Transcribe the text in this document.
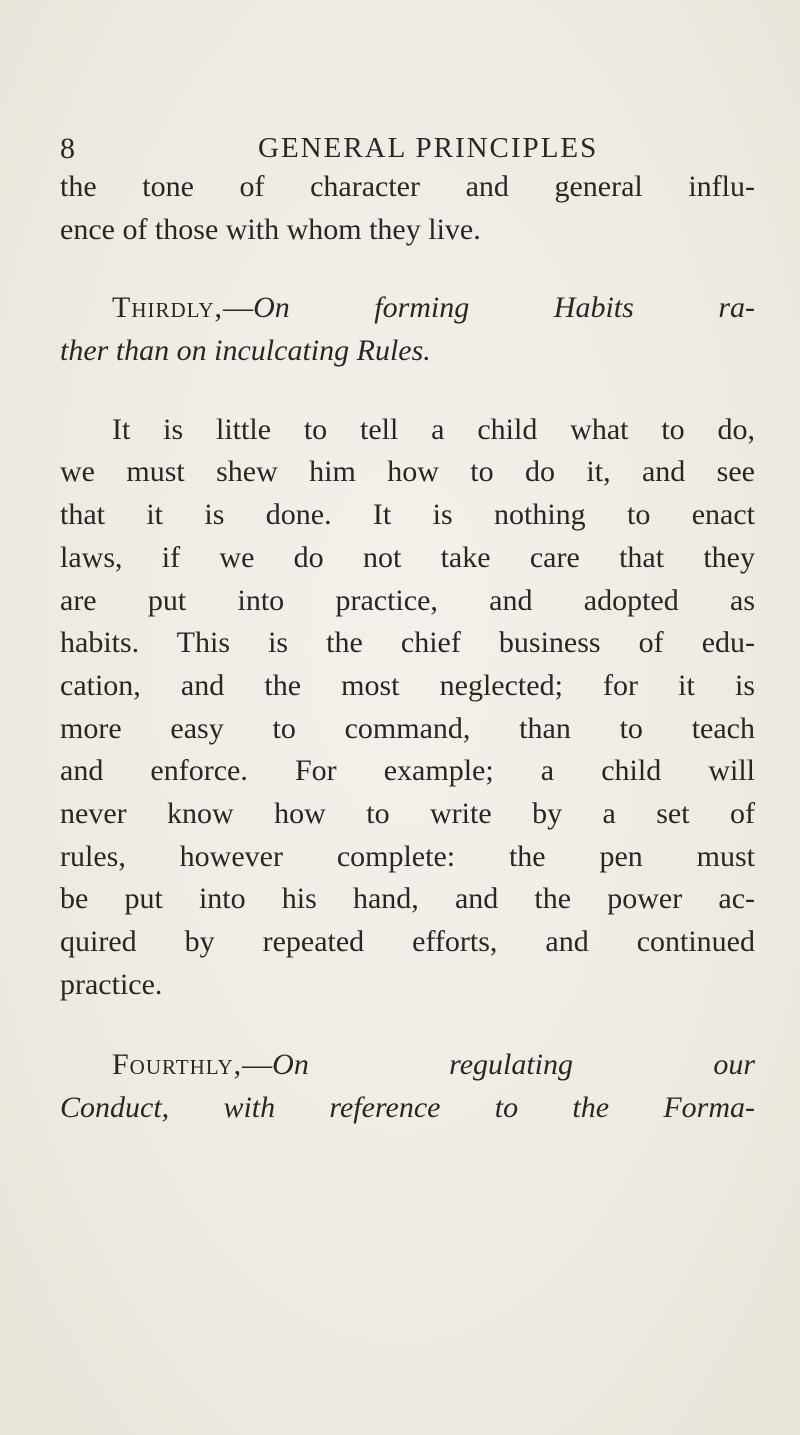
8	GENERAL PRINCIPLES
the tone of character and general influ-
ence of those with whom they live.
Thirdly,—On forming Habits ra-
ther than on inculcating Rules.
It is little to tell a child what to do,
we must shew him how to do it, and see
that it is done. It is nothing to enact
laws, if we do not take care that they
are put into practice, and adopted as
habits. This is the chief business of edu-
cation, and the most neglected; for it is
more easy to command, than to teach
and enforce. For example; a child will
never know how to write by a set of
rules, however complete: the pen must
be put into his hand, and the power ac-
quired by repeated efforts, and continued
practice.
Fourthly,—On regulating our
Conduct, with reference to the Forma-
